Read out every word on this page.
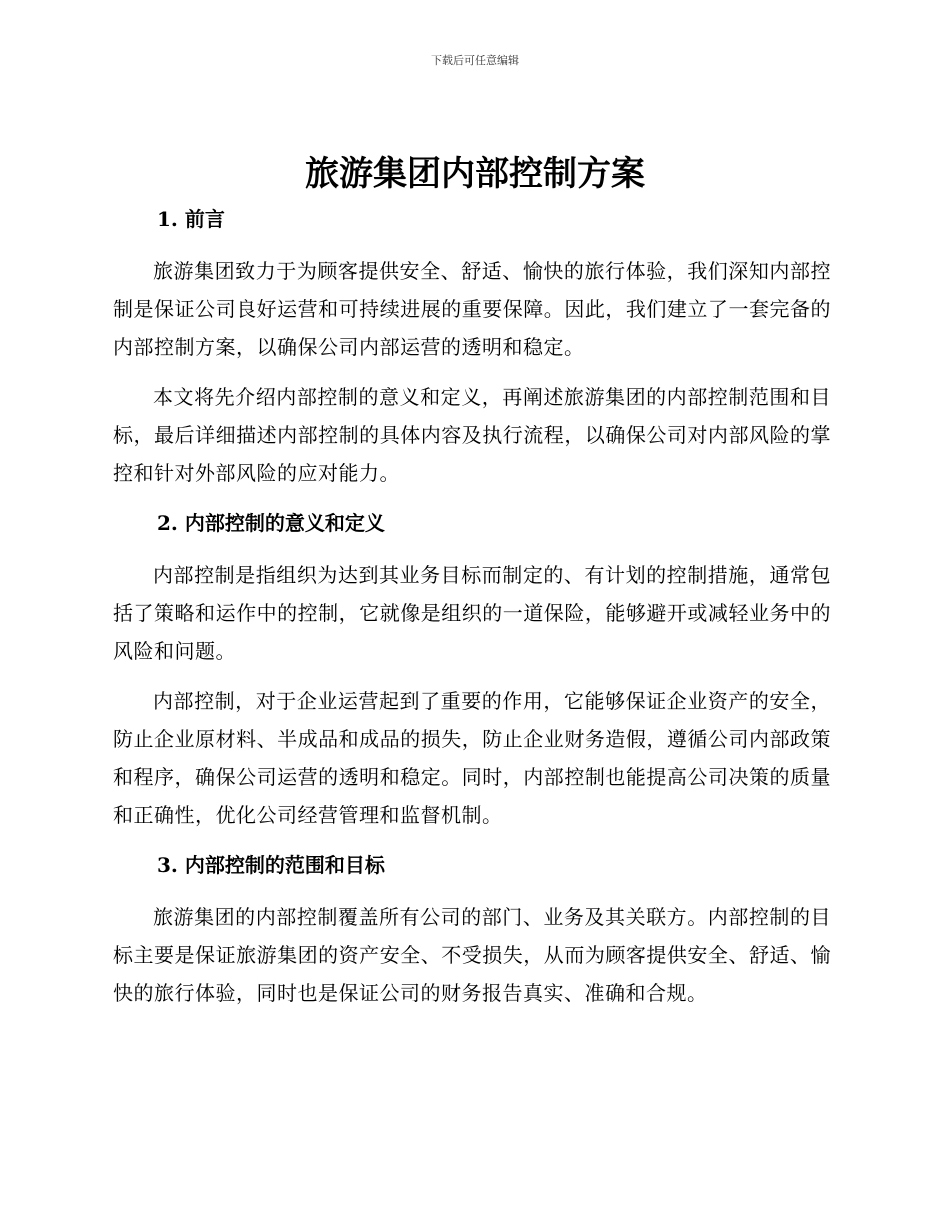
下载后可任意编辑
旅游集团内部控制方案
1. 前言

旅游集团致力于为顾客提供安全、舒适、愉快的旅行体验，我们深知内部控制是保证公司良好运营和可持续进展的重要保障。因此，我们建立了一套完备的内部控制方案，以确保公司内部运营的透明和稳定。

本文将先介绍内部控制的意义和定义，再阐述旅游集团的内部控制范围和目标，最后详细描述内部控制的具体内容及执行流程，以确保公司对内部风险的掌控和针对外部风险的应对能力。

2. 内部控制的意义和定义

内部控制是指组织为达到其业务目标而制定的、有计划的控制措施，通常包括了策略和运作中的控制，它就像是组织的一道保险，能够避开或减轻业务中的风险和问题。

内部控制，对于企业运营起到了重要的作用，它能够保证企业资产的安全，防止企业原材料、半成品和成品的损失，防止企业财务造假，遵循公司内部政策和程序，确保公司运营的透明和稳定。同时，内部控制也能提高公司决策的质量和正确性，优化公司经营管理和监督机制。

3. 内部控制的范围和目标

旅游集团的内部控制覆盖所有公司的部门、业务及其关联方。内部控制的目标主要是保证旅游集团的资产安全、不受损失，从而为顾客提供安全、舒适、愉快的旅行体验，同时也是保证公司的财务报告真实、准确和合规。
